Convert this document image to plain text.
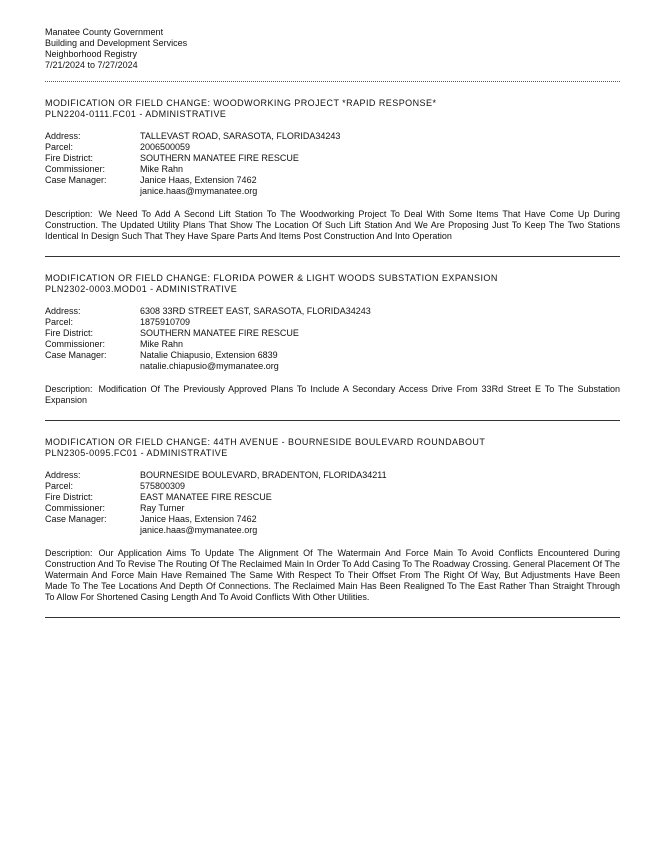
Manatee County Government
Building and Development Services
Neighborhood Registry
7/21/2024 to 7/27/2024
MODIFICATION OR FIELD CHANGE: WOODWORKING PROJECT *RAPID RESPONSE*
PLN2204-0111.FC01 - ADMINISTRATIVE
Address:	TALLEVAST ROAD, SARASOTA, FLORIDA34243
Parcel:	2006500059
Fire District:	SOUTHERN MANATEE FIRE RESCUE
Commissioner:	Mike Rahn
Case Manager:	Janice Haas, Extension 7462
janice.haas@mymanatee.org
Description: We Need To Add A Second Lift Station To The Woodworking Project To Deal With Some Items That Have Come Up During Construction. The Updated Utility Plans That Show The Location Of Such Lift Station And We Are Proposing Just To Keep The Two Stations Identical In Design Such That They Have Spare Parts And Items Post Construction And Into Operation
MODIFICATION OR FIELD CHANGE: FLORIDA POWER & LIGHT WOODS SUBSTATION EXPANSION
PLN2302-0003.MOD01 - ADMINISTRATIVE
Address:	6308 33RD STREET EAST, SARASOTA, FLORIDA34243
Parcel:	1875910709
Fire District:	SOUTHERN MANATEE FIRE RESCUE
Commissioner:	Mike Rahn
Case Manager:	Natalie Chiapusio, Extension 6839
natalie.chiapusio@mymanatee.org
Description: Modification Of The Previously Approved Plans To Include A Secondary Access Drive From 33Rd Street E To The Substation Expansion
MODIFICATION OR FIELD CHANGE: 44TH AVENUE - BOURNESIDE BOULEVARD ROUNDABOUT
PLN2305-0095.FC01 - ADMINISTRATIVE
Address:	BOURNESIDE BOULEVARD, BRADENTON, FLORIDA34211
Parcel:	575800309
Fire District:	EAST MANATEE FIRE RESCUE
Commissioner:	Ray Turner
Case Manager:	Janice Haas, Extension 7462
janice.haas@mymanatee.org
Description: Our Application Aims To Update The Alignment Of The Watermain And Force Main To Avoid Conflicts Encountered During Construction And To Revise The Routing Of The Reclaimed Main In Order To Add Casing To The Roadway Crossing. General Placement Of The Watermain And Force Main Have Remained The Same With Respect To Their Offset From The Right Of Way, But Adjustments Have Been Made To The Tee Locations And Depth Of Connections. The Reclaimed Main Has Been Realigned To The East Rather Than Straight Through To Allow For Shortened Casing Length And To Avoid Conflicts With Other Utilities.
